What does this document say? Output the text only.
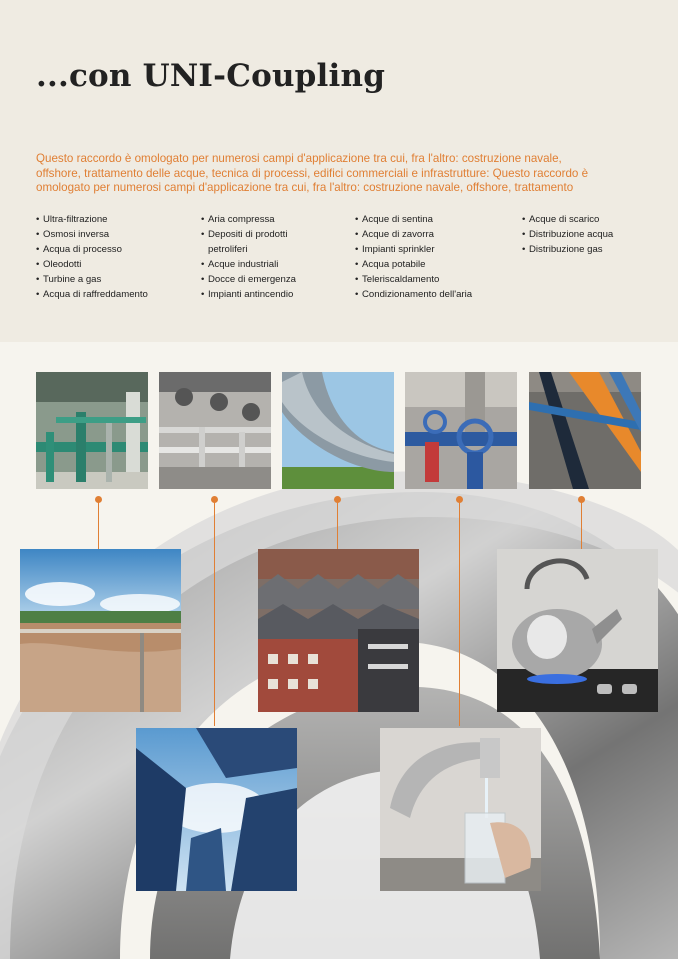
...con UNI-Coupling

Questo raccordo è omologato per numerosi campi d'applicazione tra cui, fra l'altro: costruzione navale,
offshore, trattamento delle acque, tecnica di processi, edifici commerciali e infrastrutture: Questo raccordo è
omologato per numerosi campi d'applicazione tra cui, fra l'altro: costruzione navale, offshore, trattamento

• Ultra-filtrazione
• Osmosi inversa
• Acqua di processo
• Oleodotti
• Turbine a gas
• Acqua di raffreddamento
• Aria compressa
• Depositi di prodotti
petroliferi
• Acque industriali
• Docce di emergenza
• Impianti antincendio
• Acque di sentina
• Acque di zavorra
• Impianti sprinkler
• Acqua potabile
• Teleriscaldamento
• Condizionamento dell'aria
• Acque di scarico
• Distribuzione acqua
• Distribuzione gas
